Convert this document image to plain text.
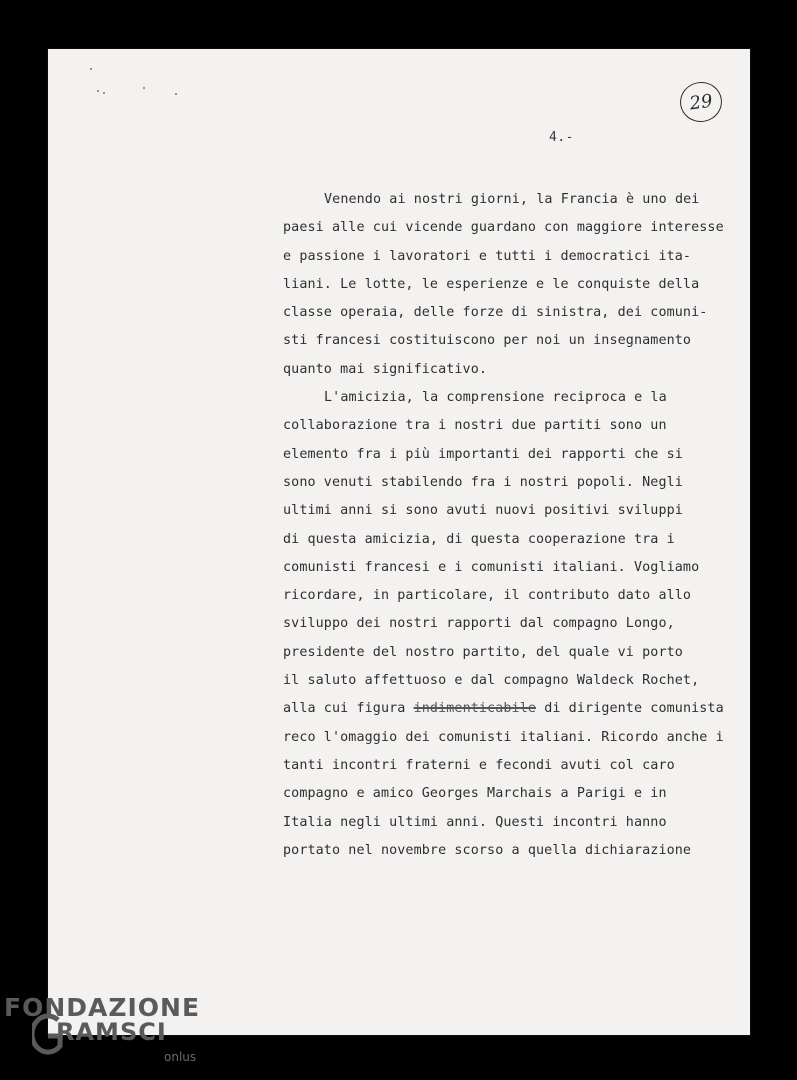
29
4.-
Venendo ai nostri giorni, la Francia è uno dei
paesi alle cui vicende guardano con maggiore interesse
e passione i lavoratori e tutti i democratici ita-
liani. Le lotte, le esperienze e le conquiste della
classe operaia, delle forze di sinistra, dei comuni-
sti francesi costituiscono per noi un insegnamento
quanto mai significativo.
L'amicizia, la comprensione reciproca e la
collaborazione tra i nostri due partiti sono un
elemento fra i più importanti dei rapporti che si
sono venuti stabilendo fra i nostri popoli. Negli
ultimi anni si sono avuti nuovi positivi sviluppi
di questa amicizia, di questa cooperazione tra i
comunisti francesi e i comunisti italiani. Vogliamo
ricordare, in particolare, il contributo dato allo
sviluppo dei nostri rapporti dal compagno Longo,
presidente del nostro partito, del quale vi porto
il saluto affettuoso e dal compagno Waldeck Rochet,
alla cui figura indimenticabile di dirigente comunista
reco l'omaggio dei comunisti italiani. Ricordo anche i
tanti incontri fraterni e fecondi avuti col caro
compagno e amico Georges Marchais a Parigi e in
Italia negli ultimi anni. Questi incontri hanno
portato nel novembre scorso a quella dichiarazione
FONDAZIONE
RAMSCI
onlus
